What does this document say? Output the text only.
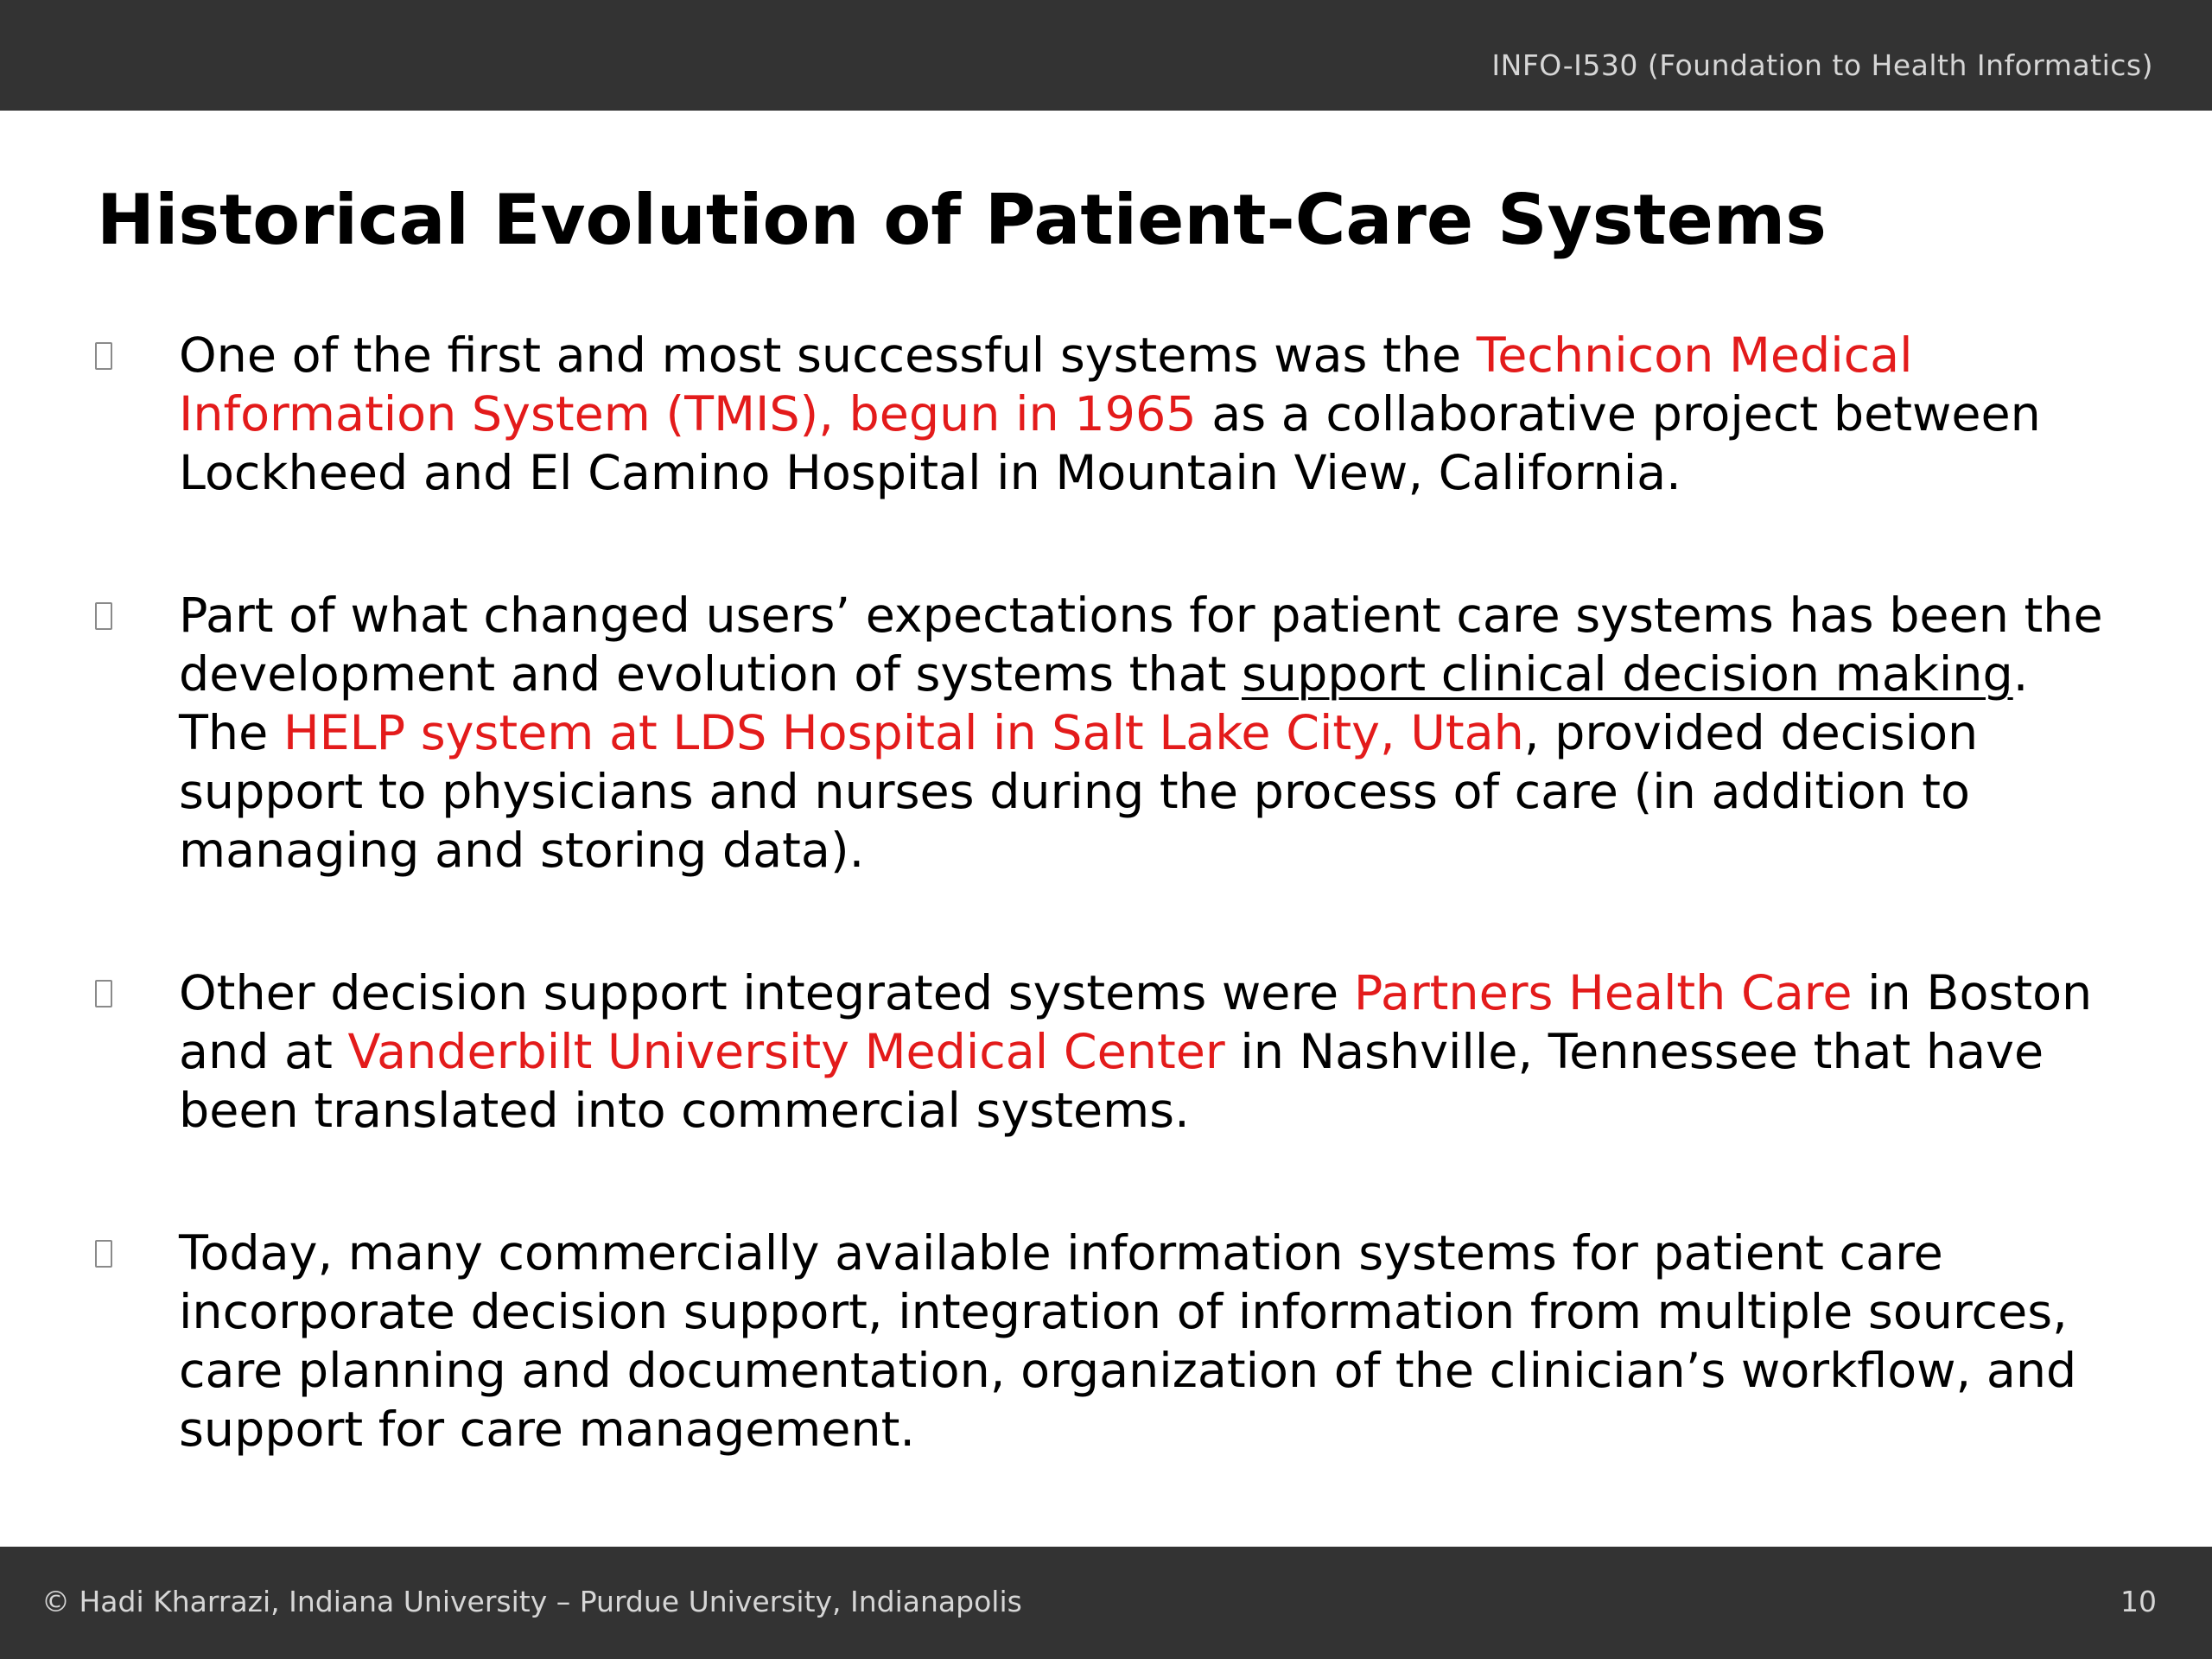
INFO-I530 (Foundation to Health Informatics)
Historical Evolution of Patient-Care Systems

One of the first and most successful systems was the Technicon Medical Information System (TMIS), begun in 1965 as a collaborative project between Lockheed and El Camino Hospital in Mountain View, California.

Part of what changed users’ expectations for patient care systems has been the development and evolution of systems that support clinical decision making. The HELP system at LDS Hospital in Salt Lake City, Utah, provided decision support to physicians and nurses during the process of care (in addition to managing and storing data).

Other decision support integrated systems were Partners Health Care in Boston and at Vanderbilt University Medical Center in Nashville, Tennessee that have been translated into commercial systems.

Today, many commercially available information systems for patient care incorporate decision support, integration of information from multiple sources, care planning and documentation, organization of the clinician’s workflow, and support for care management.

© Hadi Kharrazi, Indiana University – Purdue University, Indianapolis	10
